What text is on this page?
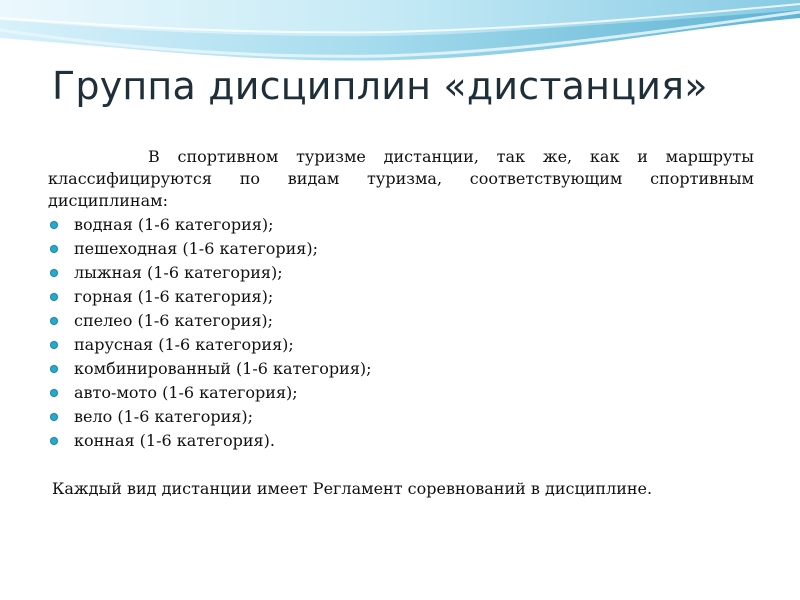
Группа дисциплин «дистанция»

В спортивном туризме дистанции, так же, как и маршруты классифицируются по видам туризма, соответствующим спортивным дисциплинам:

водная (1-6 категория);
пешеходная (1-6 категория);
лыжная (1-6 категория);
горная (1-6 категория);
спелео (1-6 категория);
парусная (1-6 категория);
комбинированный (1-6 категория);
авто-мото (1-6 категория);
вело (1-6 категория);
конная (1-6 категория).

Каждый вид дистанции имеет Регламент соревнований в дисциплине.
